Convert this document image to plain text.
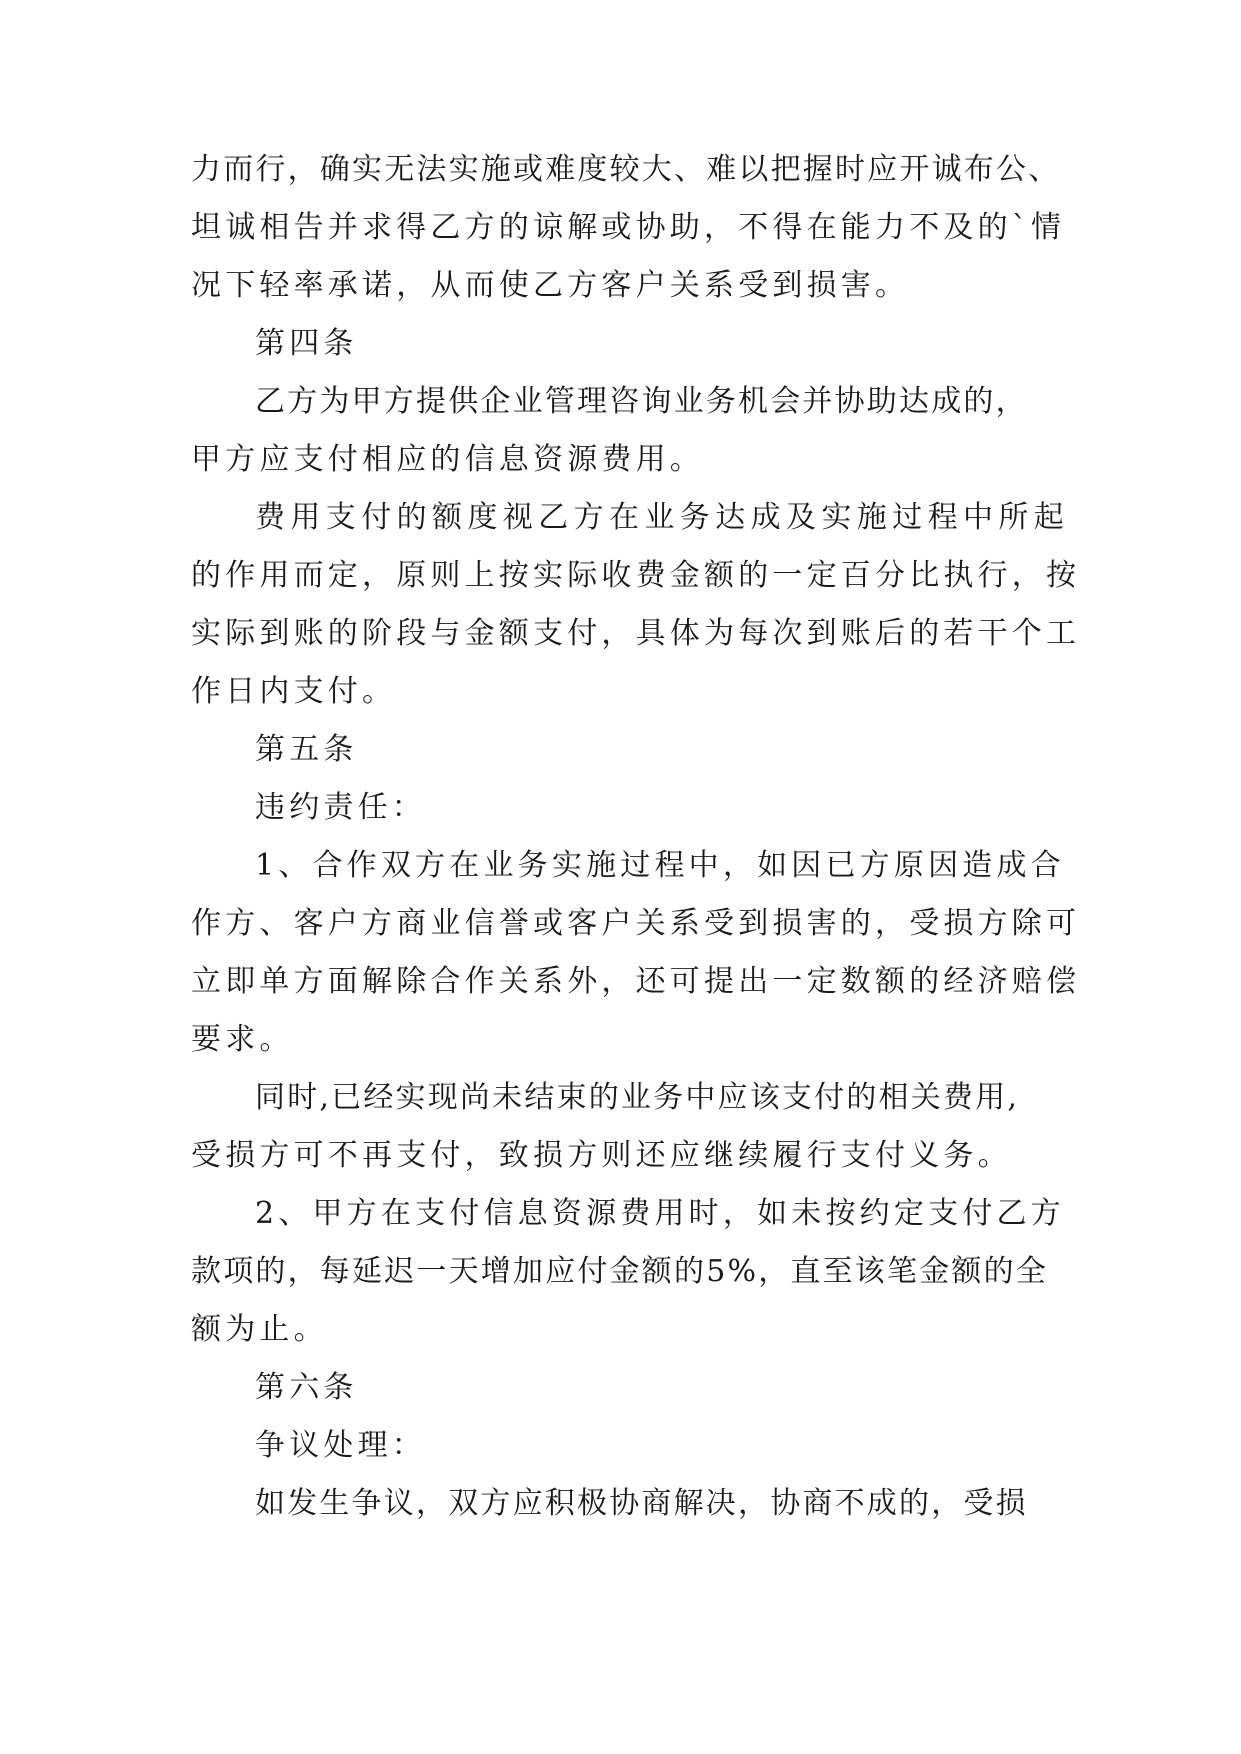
力而行，确实无法实施或难度较大、难以把握时应开诚布公、
坦诚相告并求得乙方的谅解或协助，不得在能力不及的`情
况下轻率承诺，从而使乙方客户关系受到损害。
第四条
乙方为甲方提供企业管理咨询业务机会并协助达成的，
甲方应支付相应的信息资源费用。
费用支付的额度视乙方在业务达成及实施过程中所起
的作用而定，原则上按实际收费金额的一定百分比执行，按
实际到账的阶段与金额支付，具体为每次到账后的若干个工
作日内支付。
第五条
违约责任：
1、合作双方在业务实施过程中，如因已方原因造成合
作方、客户方商业信誉或客户关系受到损害的，受损方除可
立即单方面解除合作关系外，还可提出一定数额的经济赔偿
要求。
同时,已经实现尚未结束的业务中应该支付的相关费用,
受损方可不再支付，致损方则还应继续履行支付义务。
2、甲方在支付信息资源费用时，如未按约定支付乙方
款项的，每延迟一天增加应付金额的5%，直至该笔金额的全
额为止。
第六条
争议处理：
如发生争议，双方应积极协商解决，协商不成的，受损
